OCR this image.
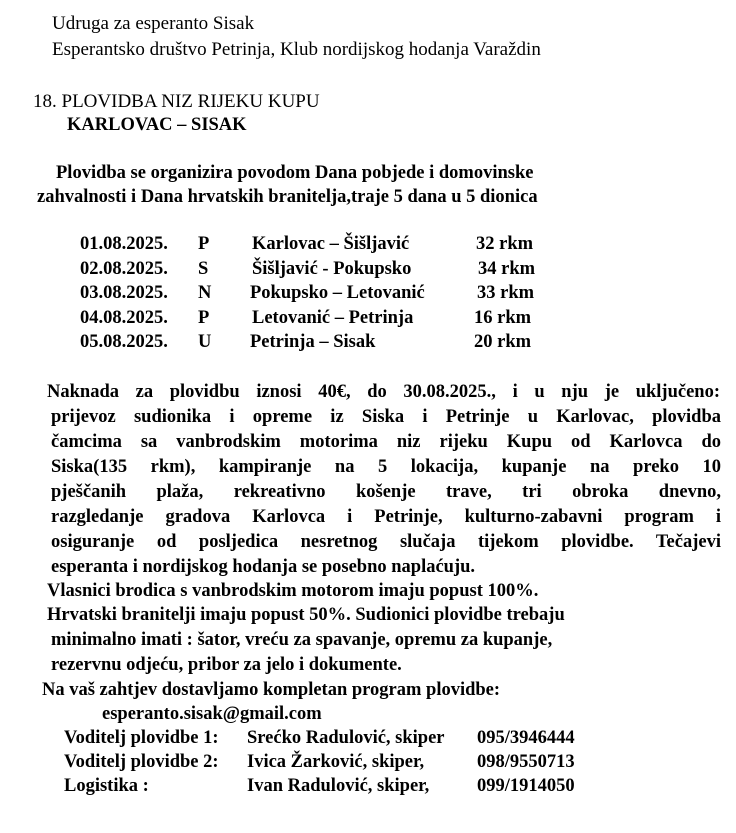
Udruga za esperanto Sisak
Esperantsko društvo Petrinja, Klub nordijskog hodanja Varaždin
18. PLOVIDBA NIZ RIJEKU KUPU
KARLOVAC – SISAK
Plovidba se organizira povodom Dana pobjede i domovinske
zahvalnosti i Dana hrvatskih branitelja,traje 5 dana u 5 dionica
01.08.2025. P Karlovac – Šišljavić	32 rkm
02.08.2025. S Šišljavić - Pokupsko	34 rkm
03.08.2025. N Pokupsko – Letovanić	33 rkm
04.08.2025. P Letovanić – Petrinja	16 rkm
05.08.2025. U Petrinja – Sisak	20 rkm
Naknada za plovidbu iznosi 40€, do 30.08.2025., i u nju je uključeno:
prijevoz sudionika i opreme iz Siska i Petrinje u Karlovac, plovidba
čamcima sa vanbrodskim motorima niz rijeku Kupu od Karlovca do
Siska(135 rkm), kampiranje na 5 lokacija, kupanje na preko 10
pješčanih plaža, rekreativno košenje trave, tri obroka dnevno,
razgledanje gradova Karlovca i Petrinje, kulturno-zabavni program i
osiguranje od posljedica nesretnog slučaja tijekom plovidbe. Tečajevi
esperanta i nordijskog hodanja se posebno naplaćuju.
Vlasnici brodica s vanbrodskim motorom imaju popust 100%.
Hrvatski branitelji imaju popust 50%. Sudionici plovidbe trebaju
minimalno imati : šator, vreću za spavanje, opremu za kupanje,
rezervnu odjeću, pribor za jelo i dokumente.
Na vaš zahtjev dostavljamo kompletan program plovidbe:
esperanto.sisak@gmail.com
Voditelj plovidbe 1: Srećko Radulović, skiper 095/3946444
Voditelj plovidbe 2: Ivica Žarković, skiper,	098/9550713
Logistika :	Ivan Radulović, skiper,	099/1914050
